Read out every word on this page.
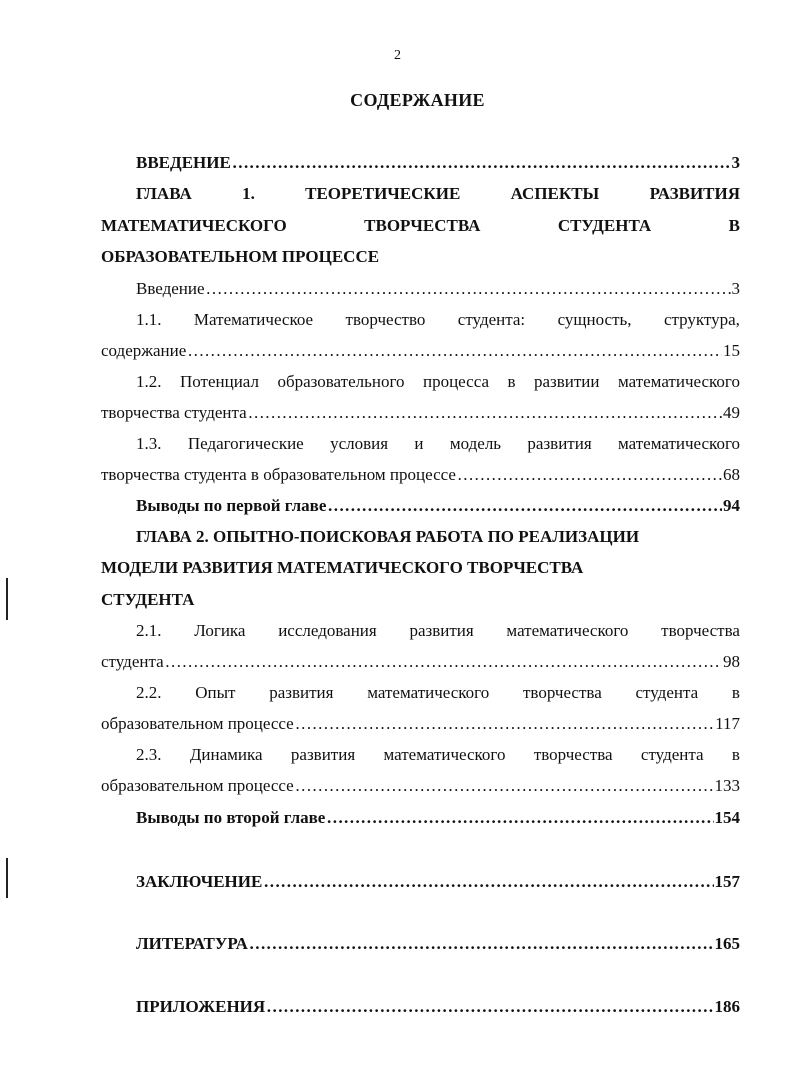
2
СОДЕРЖАНИЕ
ВВЕДЕНИЕ ……………………………………………………………………………………………………………………………………………………………………………………………………………	3
ГЛАВА	1.	ТЕОРЕТИЧЕСКИЕ	АСПЕКТЫ	РАЗВИТИЯ
МАТЕМАТИЧЕСКОГО	ТВОРЧЕСТВА	СТУДЕНТА	В
ОБРАЗОВАТЕЛЬНОМ ПРОЦЕССЕ
Введение ……………………………………………………………………………………………………………………………………………………………………………………………………………	3
1.1. Математическое творчество студента: сущность, структура,
содержание ……………………………………………………………………………………………………………………………………………………………………………………………………………	15
1.2. Потенциал образовательного процесса в развитии математического
творчества студента ……………………………………………………………………………………………………………………………………………………………………………………………………………	49
1.3. Педагогические условия и модель развития математического
творчества студента в образовательном процессе ……………………………………………………………………………………………………………………………………………………………………………………………………………	68
Выводы по первой главе ……………………………………………………………………………………………………………………………………………………………………………………………………………	94
ГЛАВА 2. ОПЫТНО-ПОИСКОВАЯ РАБОТА ПО РЕАЛИЗАЦИИ
МОДЕЛИ РАЗВИТИЯ МАТЕМАТИЧЕСКОГО ТВОРЧЕСТВА
СТУДЕНТА
2.1. Логика исследования развития математического творчества
студента ……………………………………………………………………………………………………………………………………………………………………………………………………………	98
2.2. Опыт развития математического творчества студента в
образовательном процессе ……………………………………………………………………………………………………………………………………………………………………………………………………………	117
2.3. Динамика развития математического творчества студента в
образовательном процессе ……………………………………………………………………………………………………………………………………………………………………………………………………………	133
Выводы по второй главе ……………………………………………………………………………………………………………………………………………………………………………………………………………	154
ЗАКЛЮЧЕНИЕ ……………………………………………………………………………………………………………………………………………………………………………………………………………	157
ЛИТЕРАТУРА ……………………………………………………………………………………………………………………………………………………………………………………………………………	165
ПРИЛОЖЕНИЯ ……………………………………………………………………………………………………………………………………………………………………………………………………………	186
